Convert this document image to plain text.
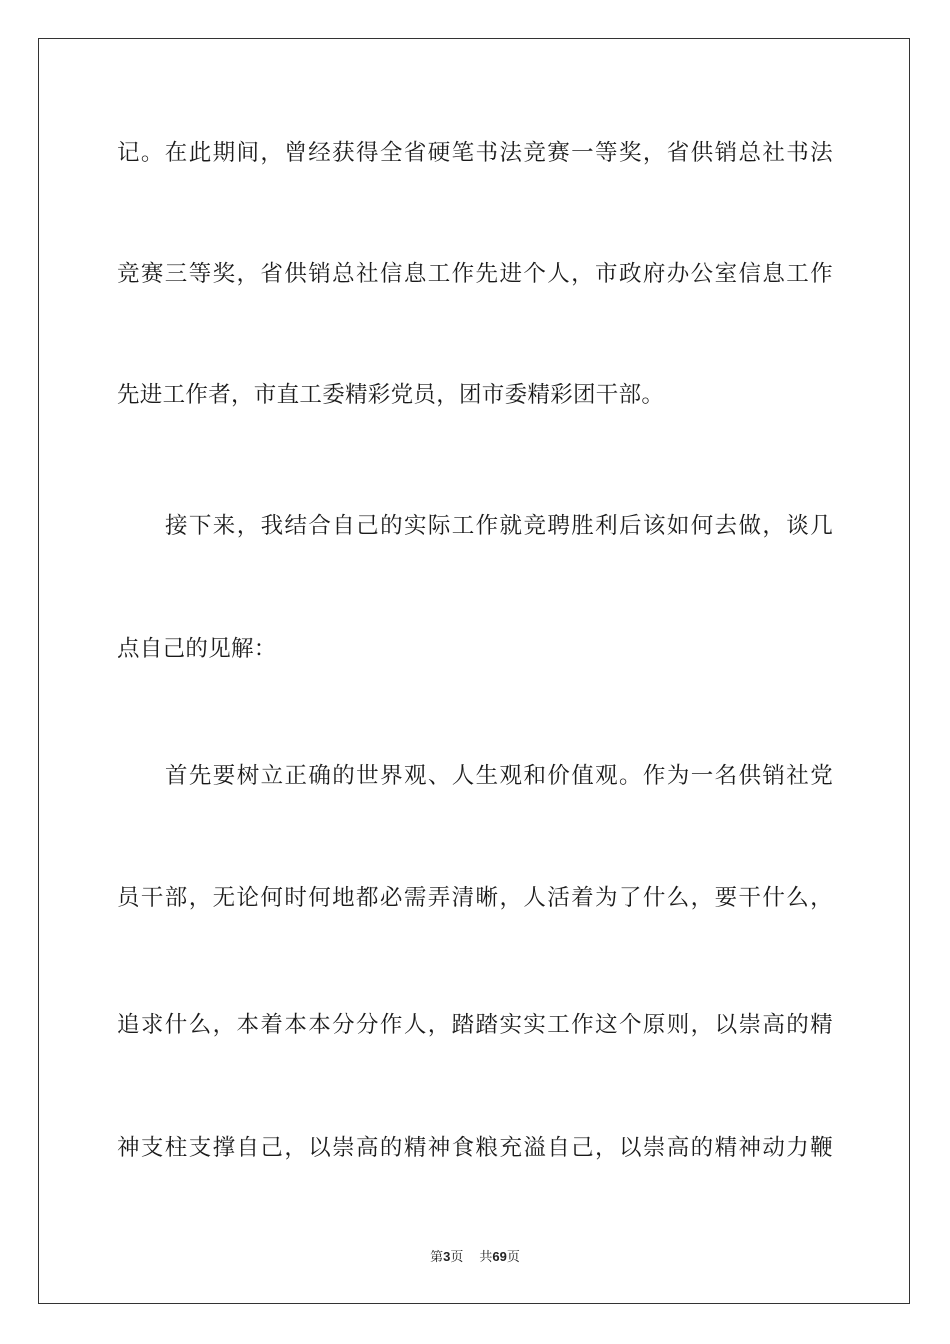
记。在此期间，曾经获得全省硬笔书法竞赛一等奖，省供销总社书法
竞赛三等奖，省供销总社信息工作先进个人，市政府办公室信息工作
先进工作者，市直工委精彩党员，团市委精彩团干部。
接下来，我结合自己的实际工作就竞聘胜利后该如何去做，谈几
点自己的见解：
首先要树立正确的世界观、人生观和价值观。作为一名供销社党
员干部，无论何时何地都必需弄清晰，人活着为了什么，要干什么，
追求什么，本着本本分分作人，踏踏实实工作这个原则，以崇高的精
神支柱支撑自己，以崇高的精神食粮充溢自己，以崇高的精神动力鞭
第3页 共69页
